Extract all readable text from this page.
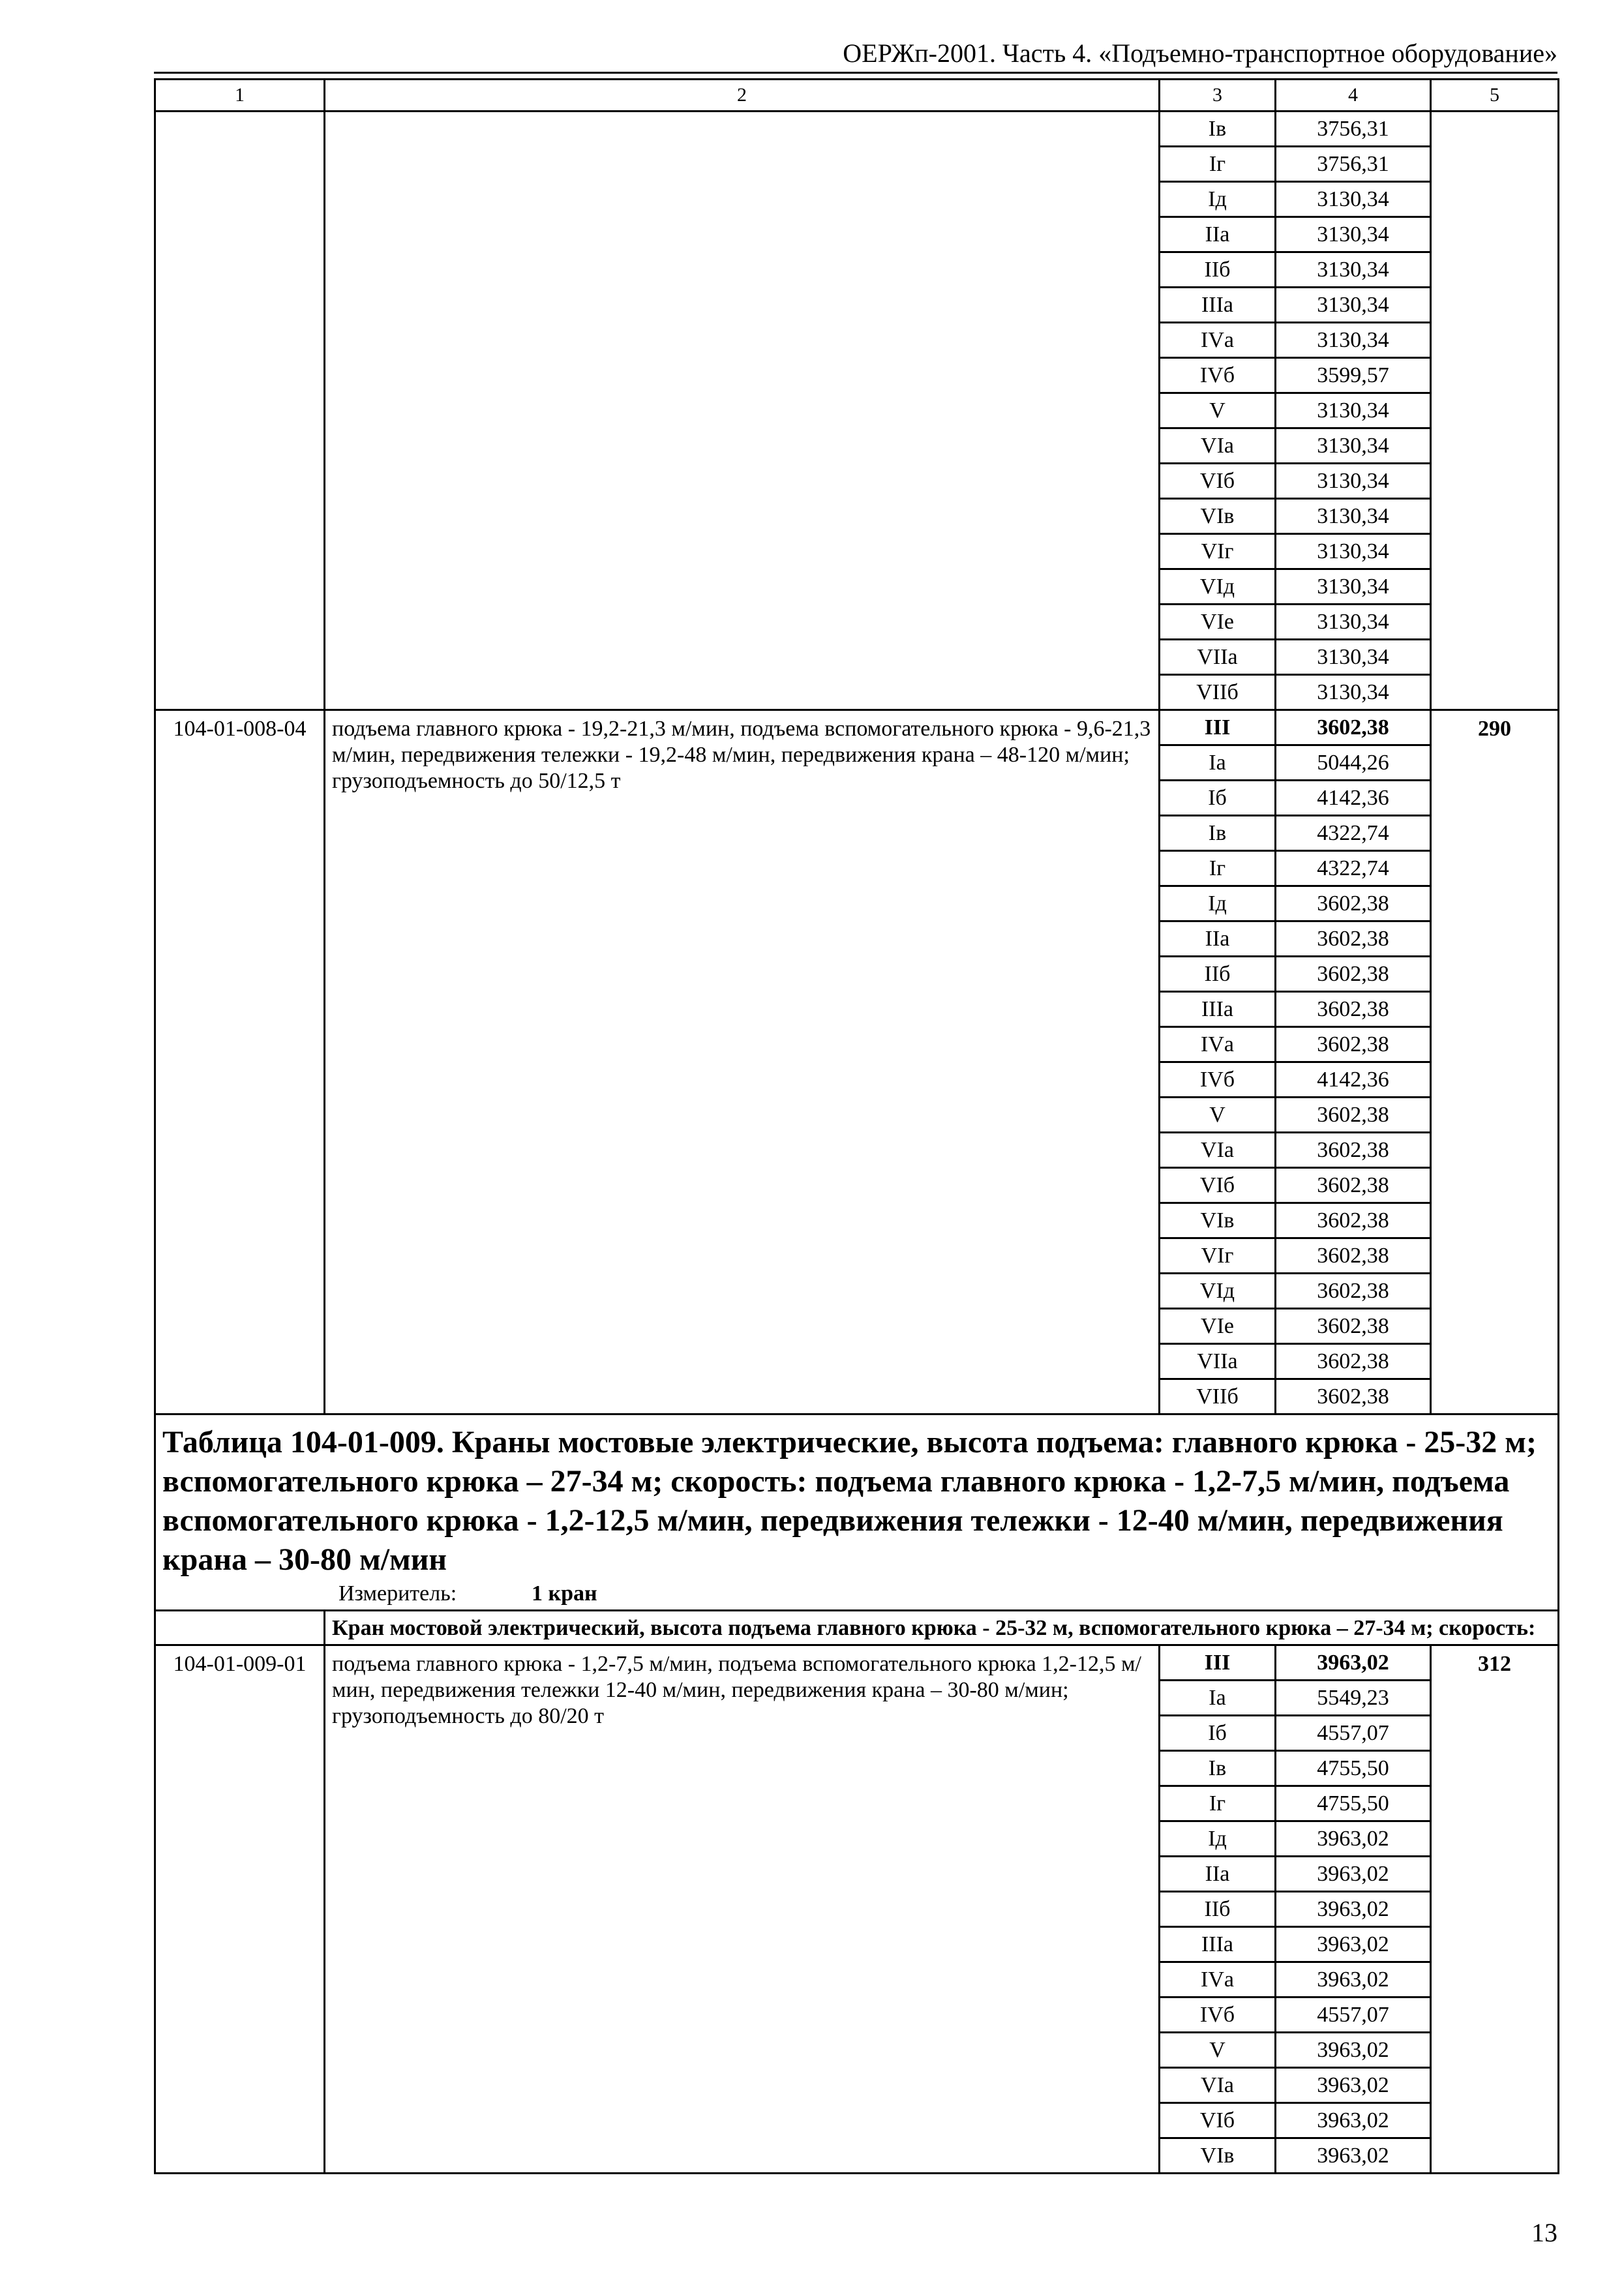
ОЕРЖп-2001. Часть 4. «Подъемно-транспортное оборудование»
1	2	3	4	5
		Iв	3756,31	
		Iг	3756,31	
		Iд	3130,34	
		IIа	3130,34	
		IIб	3130,34	
		IIIа	3130,34	
		IVа	3130,34	
		IVб	3599,57	
		V	3130,34	
		VIа	3130,34	
		VIб	3130,34	
		VIв	3130,34	
		VIг	3130,34	
		VIд	3130,34	
		VIе	3130,34	
		VIIа	3130,34	
		VIIб	3130,34	
104-01-008-04	подъема главного крюка - 19,2-21,3 м/мин, подъема вспомогательного крюка - 9,6-21,3 м/мин, передвижения тележки - 19,2-48 м/мин, передвижения крана – 48-120 м/мин; грузоподъемность до 50/12,5 т	III	3602,38	290
		Iа	5044,26	
		Iб	4142,36	
		Iв	4322,74	
		Iг	4322,74	
		Iд	3602,38	
		IIа	3602,38	
		IIб	3602,38	
		IIIа	3602,38	
		IVа	3602,38	
		IVб	4142,36	
		V	3602,38	
		VIа	3602,38	
		VIб	3602,38	
		VIв	3602,38	
		VIг	3602,38	
		VIд	3602,38	
		VIе	3602,38	
		VIIа	3602,38	
		VIIб	3602,38	

Таблица 104-01-009. Краны мостовые электрические, высота подъема: главного крюка - 25-32 м; вспомогательного крюка – 27-34 м; скорость: подъема главного крюка - 1,2-7,5 м/мин, подъема вспомогательного крюка - 1,2-12,5 м/мин, передвижения тележки - 12-40 м/мин, передвижения крана – 30-80 м/мин
Измеритель: 1 кран				

	Кран мостовой электрический, высота подъема главного крюка - 25-32 м, вспомогательного крюка – 27-34 м; скорость:			
104-01-009-01	подъема главного крюка - 1,2-7,5 м/мин, подъема вспомогательного крюка 1,2-12,5 м/мин, передвижения тележки 12-40 м/мин, передвижения крана – 30-80 м/мин; грузоподъемность до 80/20 т	III	3963,02	312
		Iа	5549,23	
		Iб	4557,07	
		Iв	4755,50	
		Iг	4755,50	
		Iд	3963,02	
		IIа	3963,02	
		IIб	3963,02	
		IIIа	3963,02	
		IVа	3963,02	
		IVб	4557,07	
		V	3963,02	
		VIа	3963,02	
		VIб	3963,02	
		VIв	3963,02	
13
